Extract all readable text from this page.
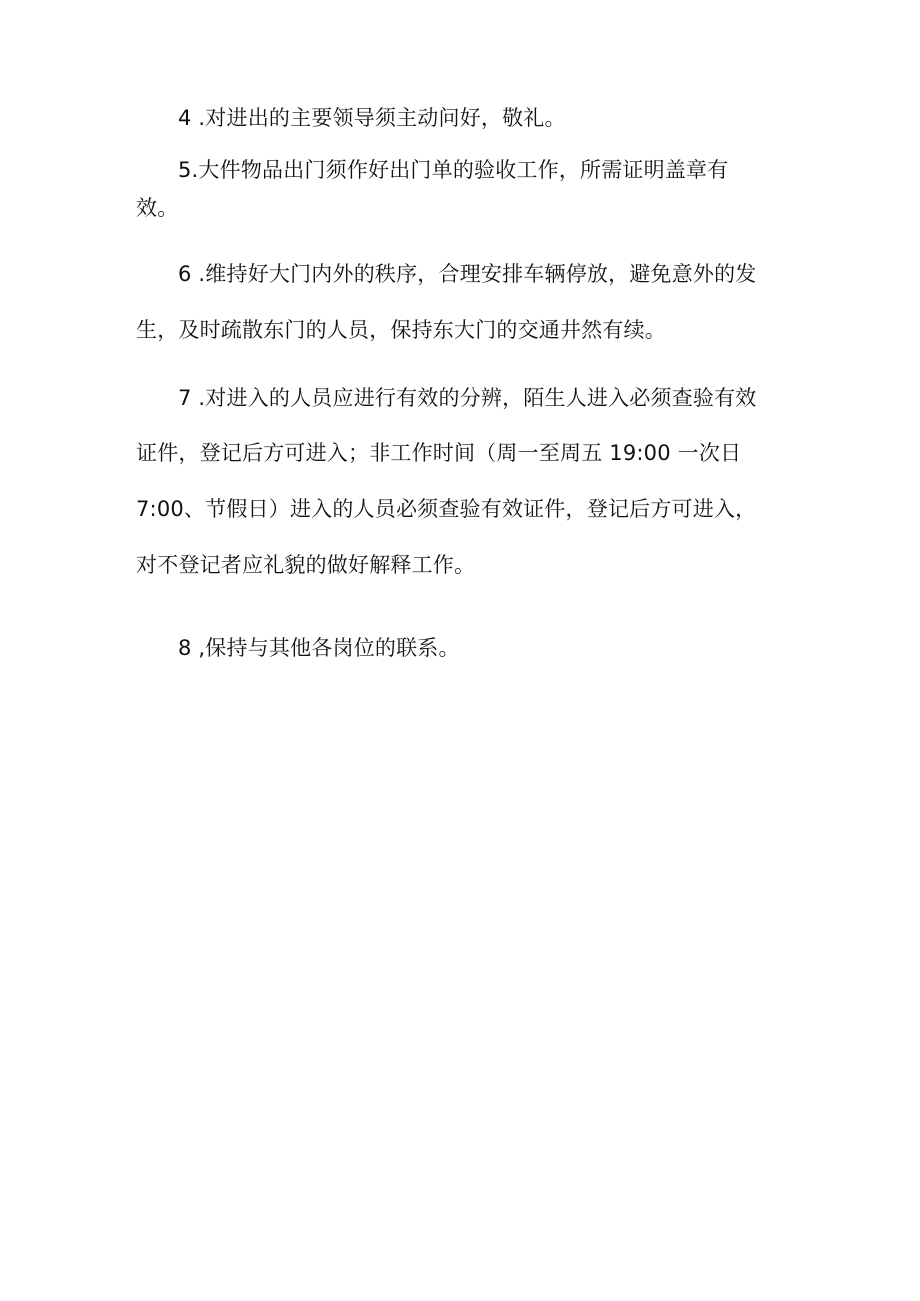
4 .对进出的主要领导须主动问好，敬礼。
5.大件物品出门须作好出门单的验收工作，所需证明盖章有
效。
6 .维持好大门内外的秩序，合理安排车辆停放，避免意外的发
生，及时疏散东门的人员，保持东大门的交通井然有续。
7 .对进入的人员应进行有效的分辨，陌生人进入必须查验有效
证件，登记后方可进入；非工作时间（周一至周五 19:00 一次日
7:00、节假日）进入的人员必须查验有效证件，登记后方可进入，
对不登记者应礼貌的做好解释工作。
8 ,保持与其他各岗位的联系。
